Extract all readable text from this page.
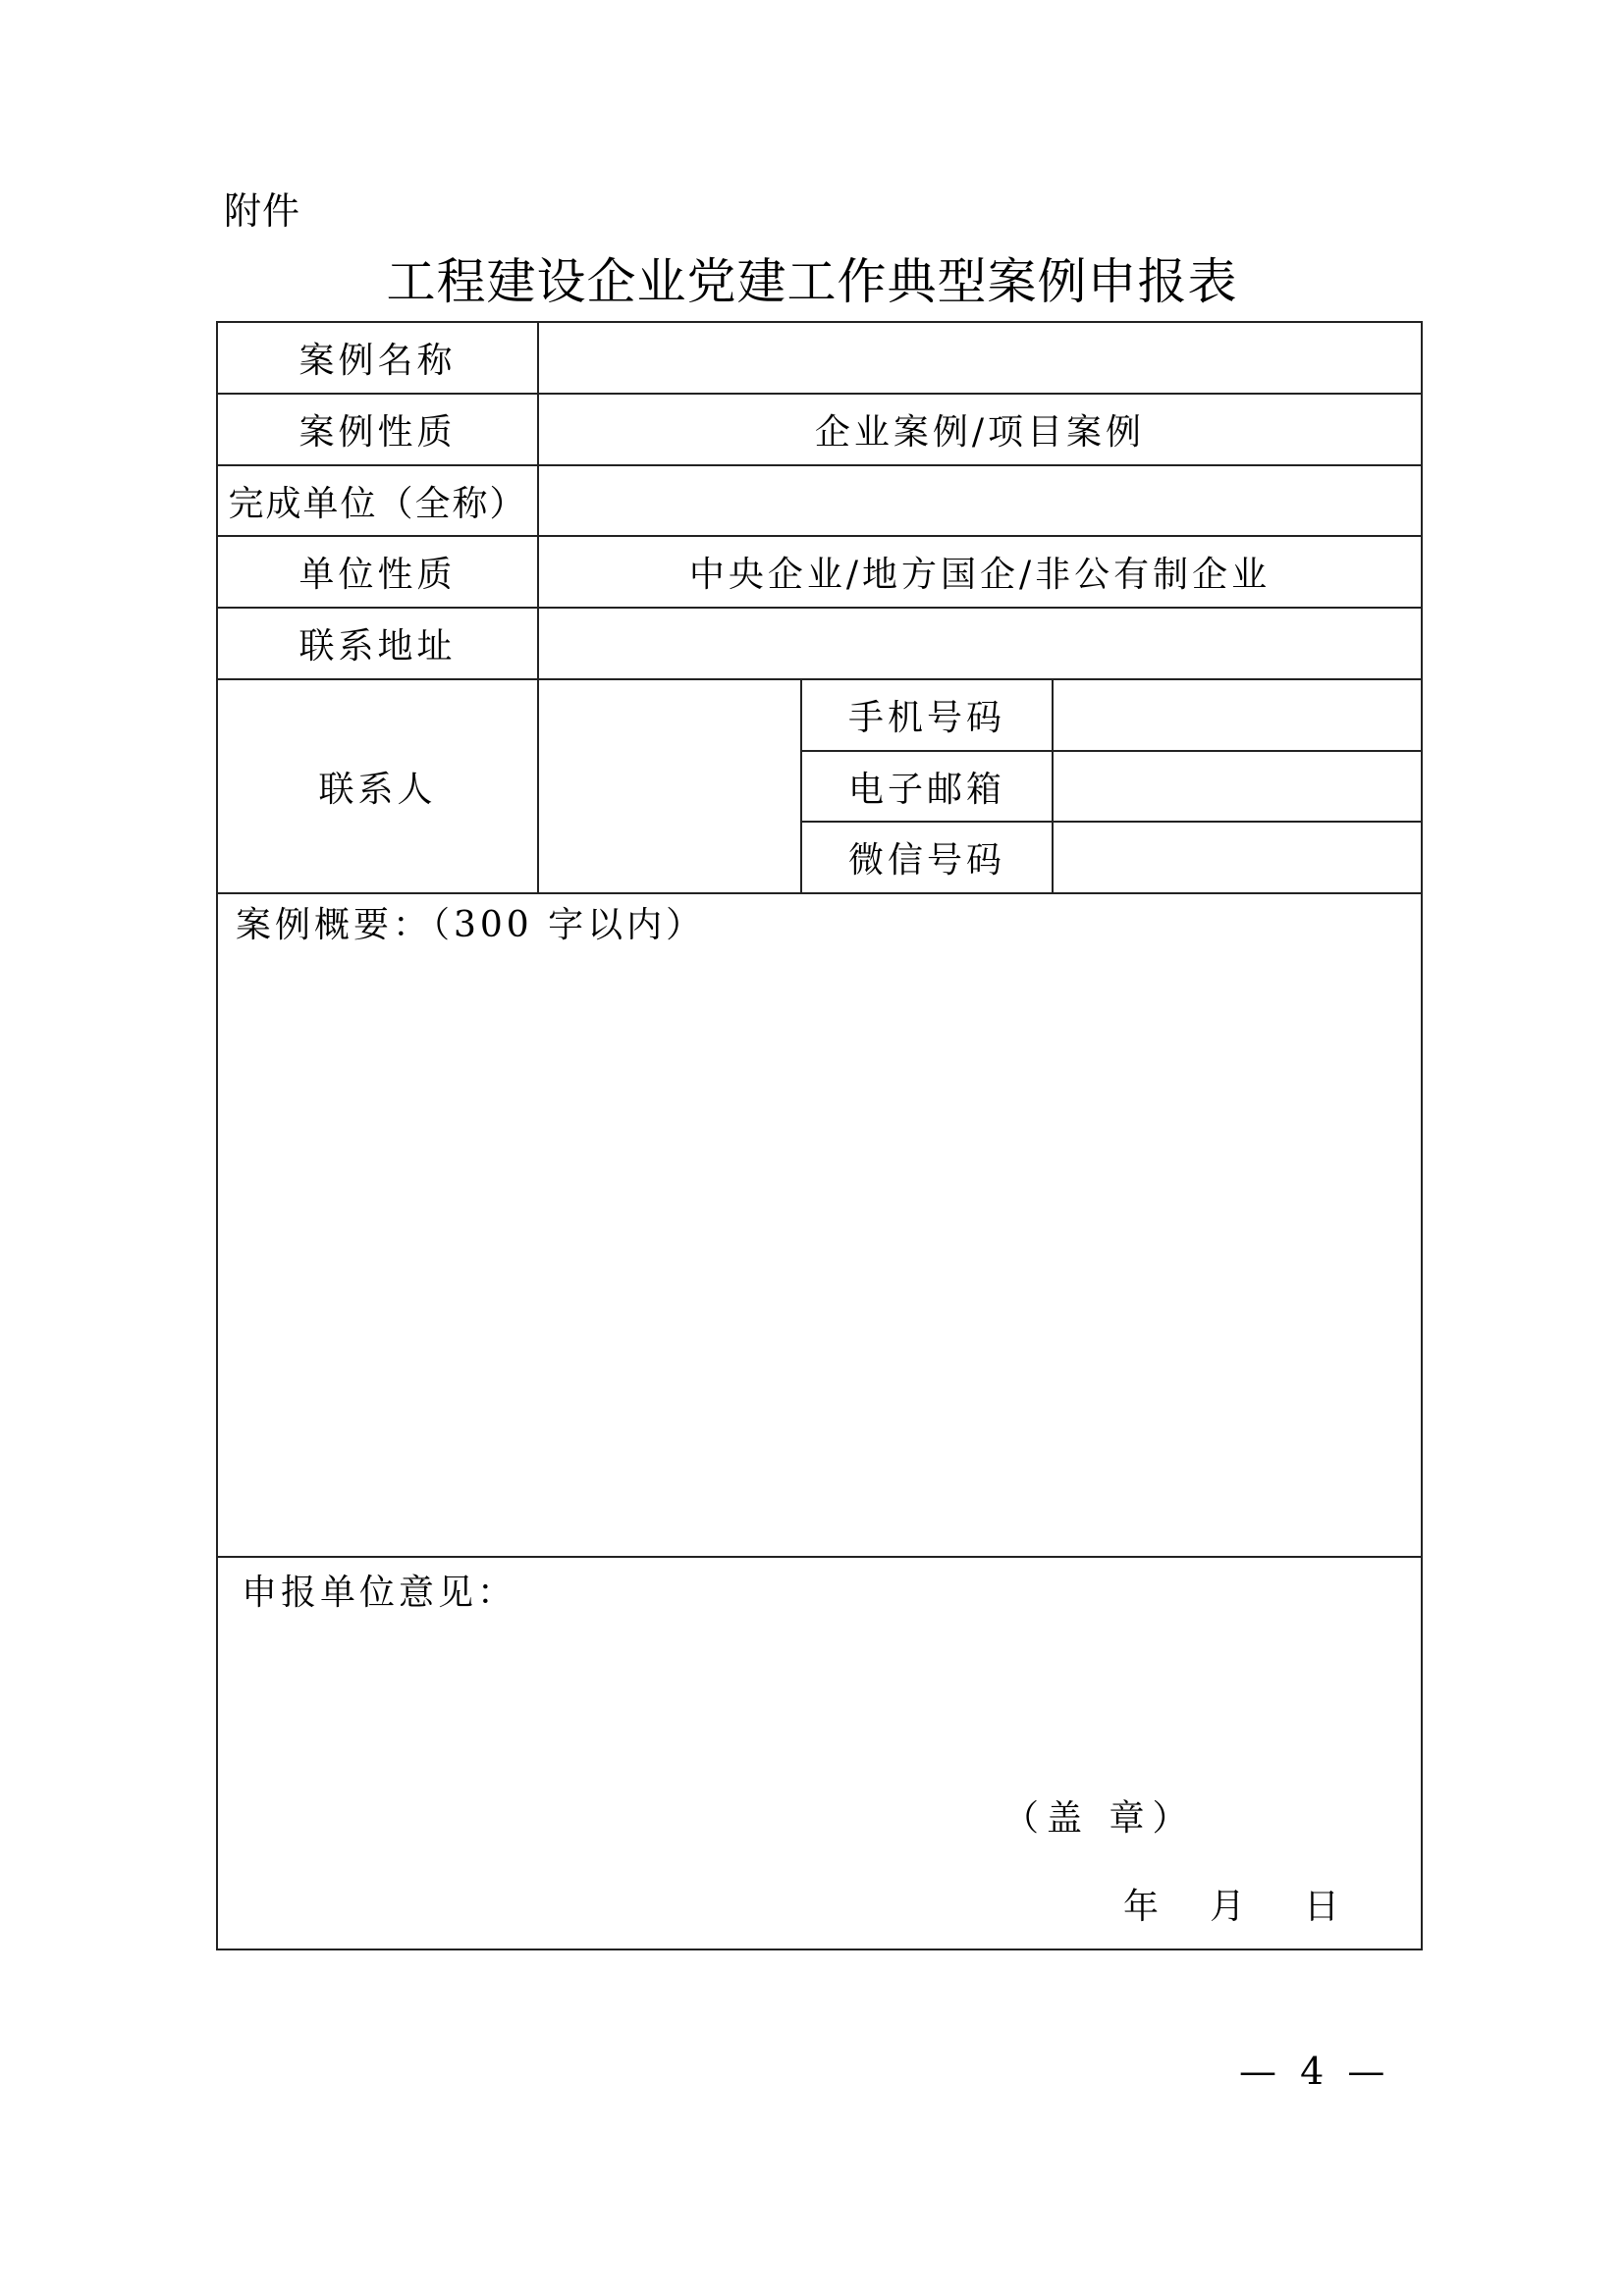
附件
工程建设企业党建工作典型案例申报表
案例名称
案例性质	企业案例/项目案例
完成单位（全称）
单位性质	中央企业/地方国企/非公有制企业
联系地址
联系人
手机号码
电子邮箱
微信号码
案例概要：（300 字以内）
申报单位意见：
（盖 章）
年 月 日
— 4 —
